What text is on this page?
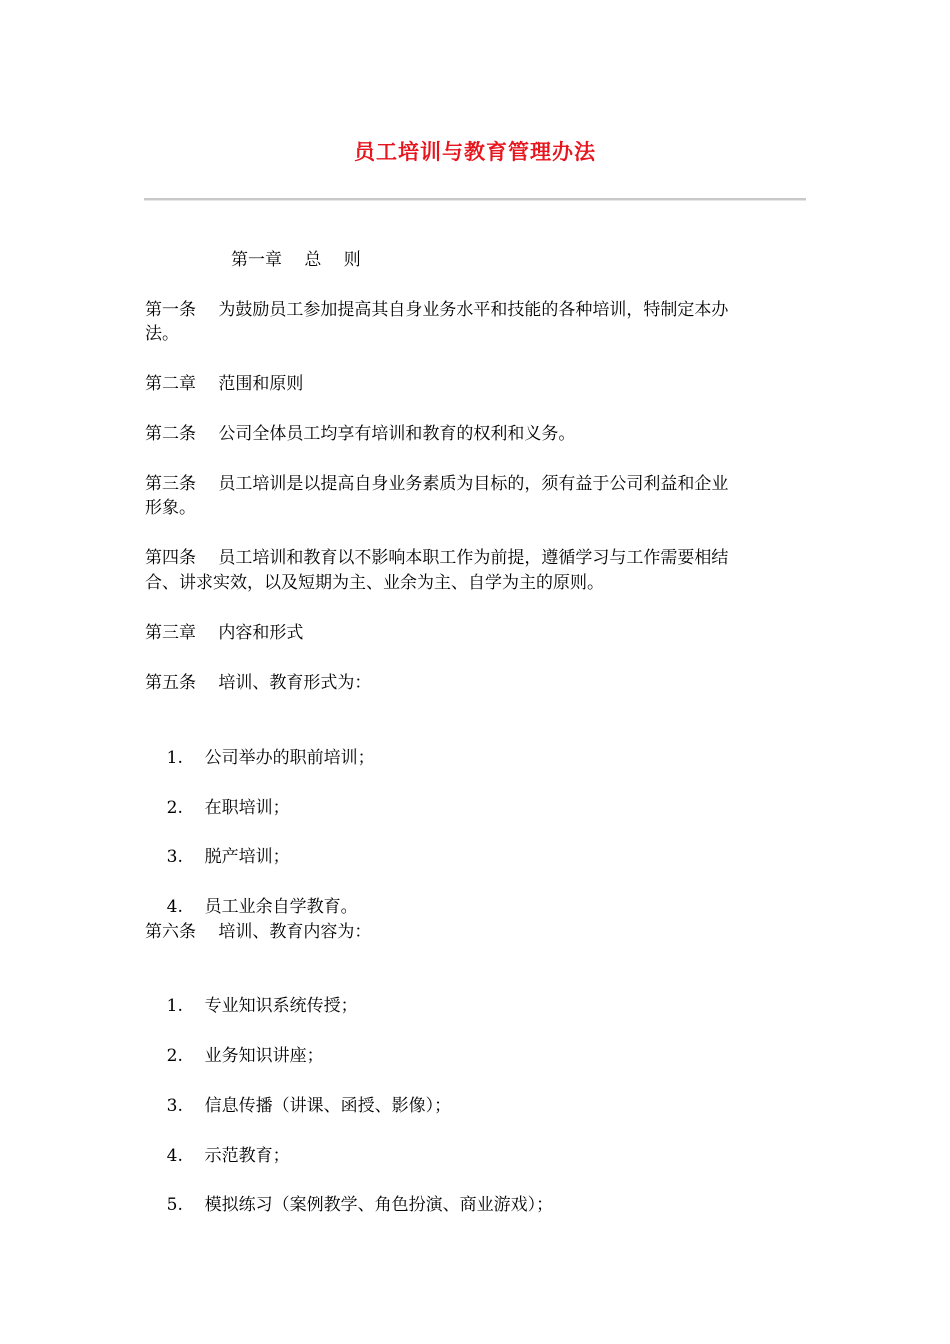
员工培训与教育管理办法
第一章　 总　 则
第一条　 为鼓励员工参加提高其自身业务水平和技能的各种培训，特制定本办
法。
第二章　 范围和原则
第二条　 公司全体员工均享有培训和教育的权利和义务。
第三条　 员工培训是以提高自身业务素质为目标的，须有益于公司利益和企业
形象。
第四条　 员工培训和教育以不影响本职工作为前提，遵循学习与工作需要相结
合、讲求实效，以及短期为主、业余为主、自学为主的原则。
第三章　 内容和形式
第五条　 培训、教育形式为：

1. 公司举办的职前培训；

2. 在职培训；

3. 脱产培训；

4. 员工业余自学教育。

第六条　 培训、教育内容为：

1. 专业知识系统传授；

2. 业务知识讲座；

3. 信息传播（讲课、函授、影像）；

4. 示范教育；

5. 模拟练习（案例教学、角色扮演、商业游戏）；
